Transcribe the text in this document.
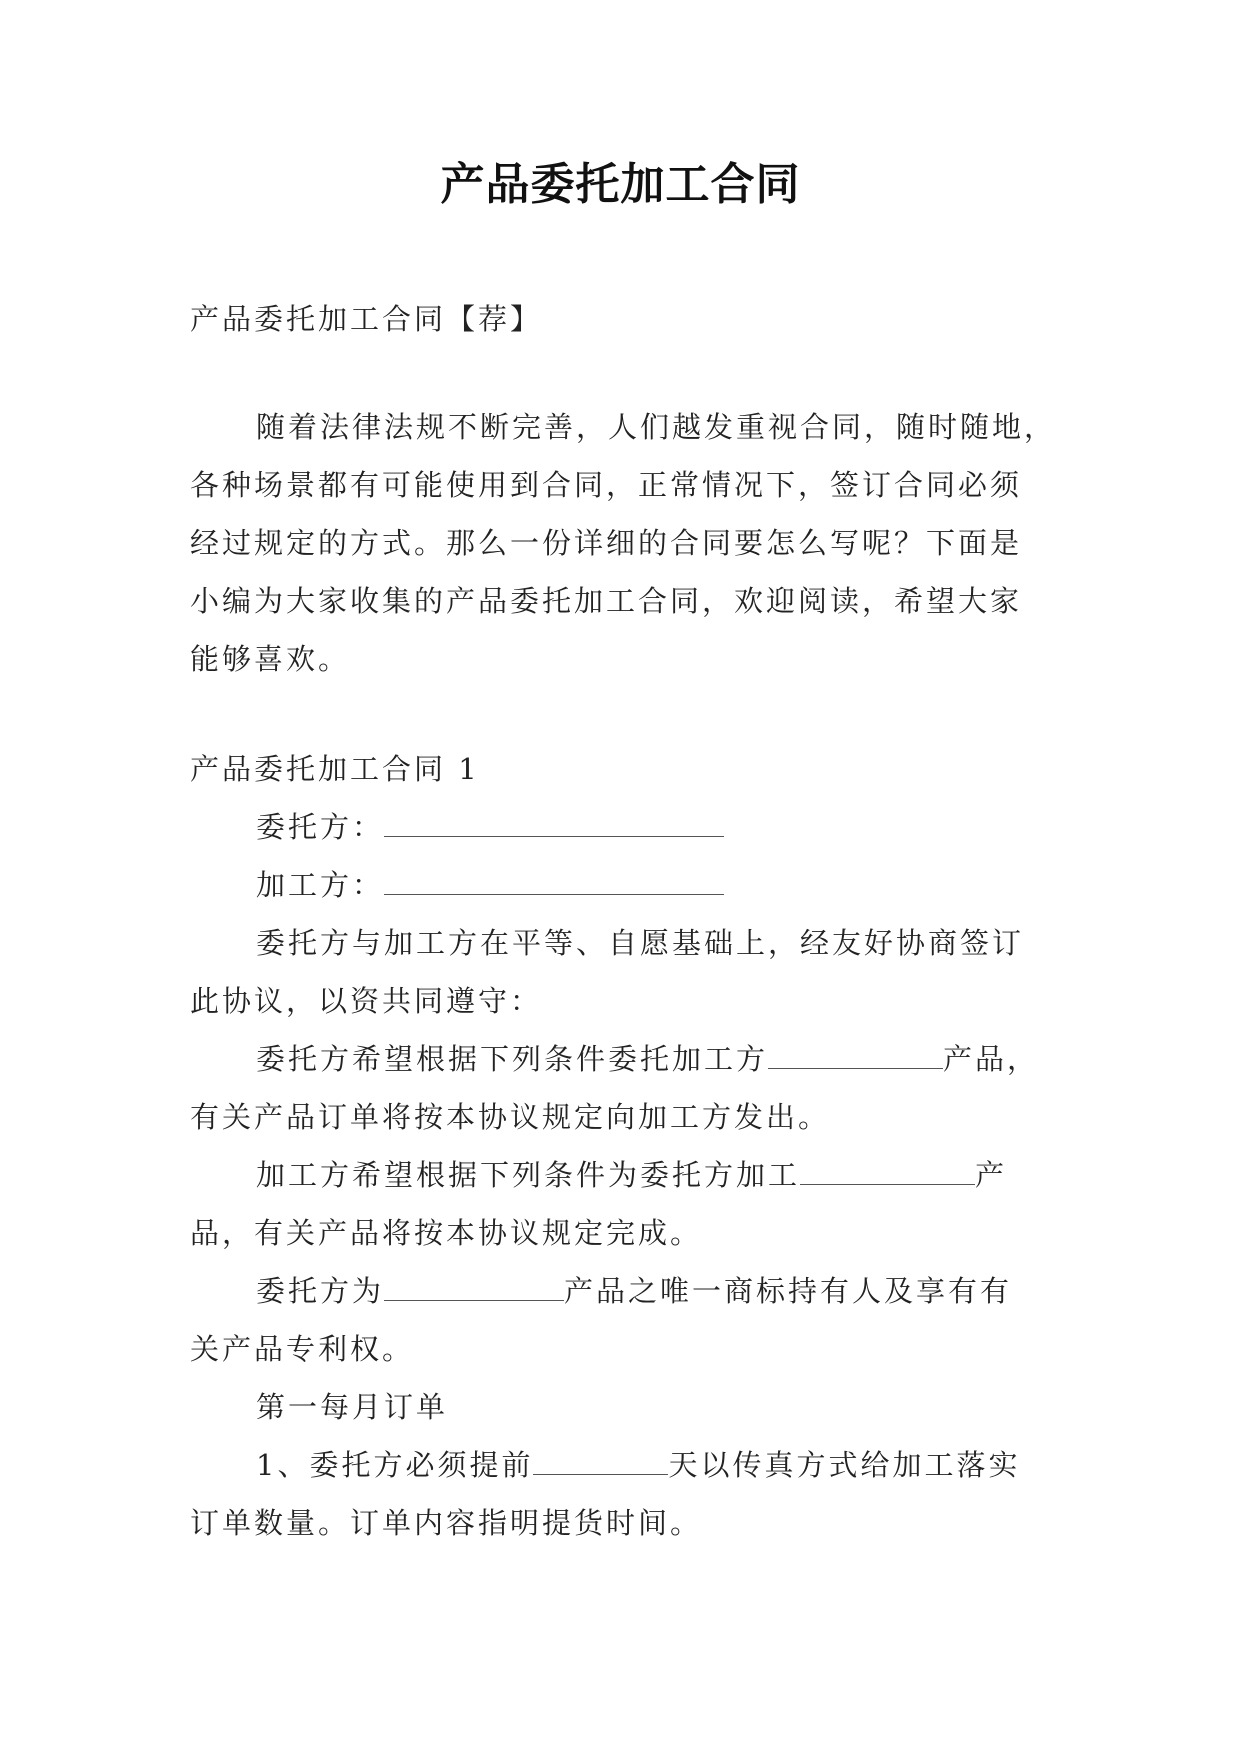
产品委托加工合同

产品委托加工合同【荐】

随着法律法规不断完善，人们越发重视合同，随时随地，

各种场景都有可能使用到合同，正常情况下，签订合同必须

经过规定的方式。那么一份详细的合同要怎么写呢？下面是

小编为大家收集的产品委托加工合同，欢迎阅读，希望大家

能够喜欢。

产品委托加工合同 1

委托方：

加工方：

委托方与加工方在平等、自愿基础上，经友好协商签订

此协议，以资共同遵守：

委托方希望根据下列条件委托加工方	产品，

有关产品订单将按本协议规定向加工方发出。

加工方希望根据下列条件为委托方加工	产

品，有关产品将按本协议规定完成。

委托方为	产品之唯一商标持有人及享有有

关产品专利权。

第一每月订单

1、委托方必须提前	天以传真方式给加工落实

订单数量。订单内容指明提货时间。
